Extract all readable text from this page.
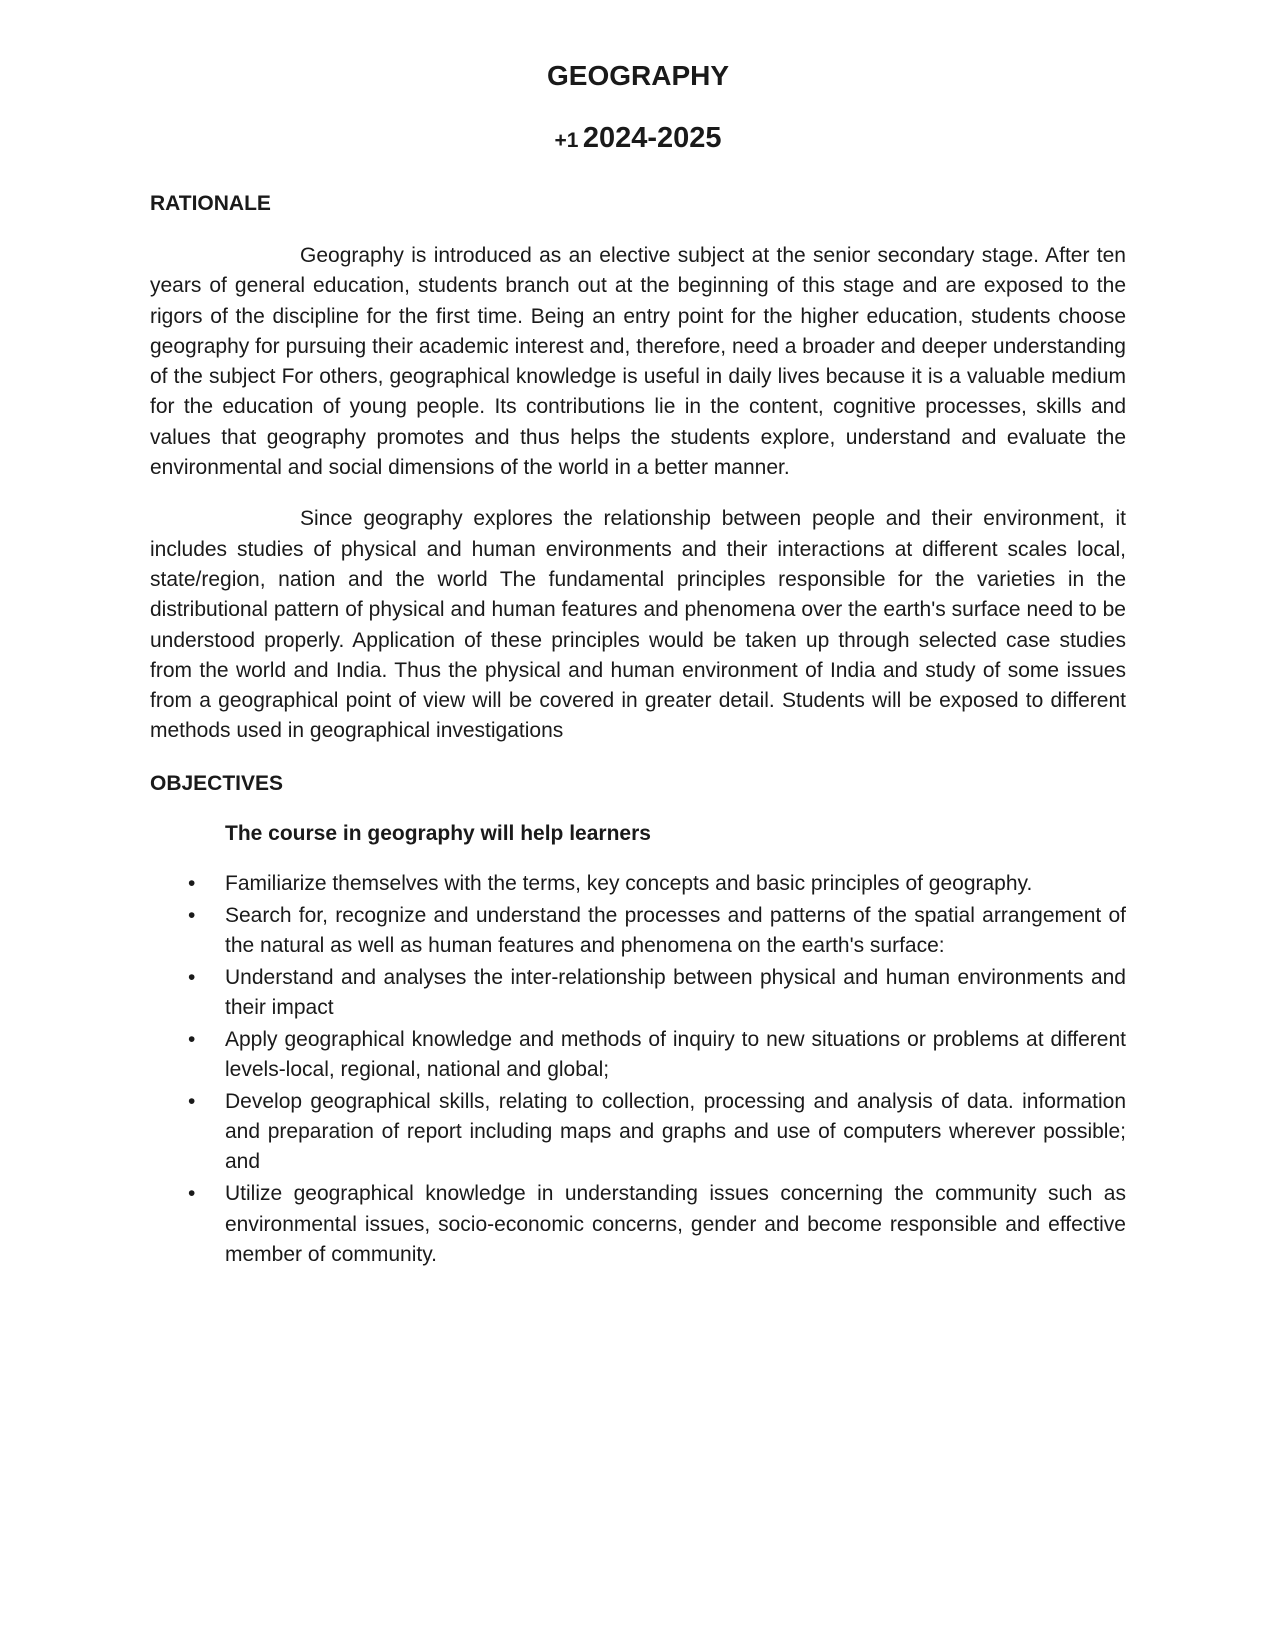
GEOGRAPHY
+1 2024-2025
RATIONALE

Geography is introduced as an elective subject at the senior secondary stage. After ten years of general education, students branch out at the beginning of this stage and are exposed to the rigors of the discipline for the first time. Being an entry point for the higher education, students choose geography for pursuing their academic interest and, therefore, need a broader and deeper understanding of the subject For others, geographical knowledge is useful in daily lives because it is a valuable medium for the education of young people. Its contributions lie in the content, cognitive processes, skills and values that geography promotes and thus helps the students explore, understand and evaluate the environmental and social dimensions of the world in a better manner.

Since geography explores the relationship between people and their environment, it includes studies of physical and human environments and their interactions at different scales local, state/region, nation and the world The fundamental principles responsible for the varieties in the distributional pattern of physical and human features and phenomena over the earth's surface need to be understood properly. Application of these principles would be taken up through selected case studies from the world and India. Thus the physical and human environment of India and study of some issues from a geographical point of view will be covered in greater detail. Students will be exposed to different methods used in geographical investigations

OBJECTIVES

The course in geography will help learners

• Familiarize themselves with the terms, key concepts and basic principles of geography.
• Search for, recognize and understand the processes and patterns of the spatial arrangement of the natural as well as human features and phenomena on the earth's surface:
• Understand and analyses the inter-relationship between physical and human environments and their impact
• Apply geographical knowledge and methods of inquiry to new situations or problems at different levels-local, regional, national and global;
• Develop geographical skills, relating to collection, processing and analysis of data. information and preparation of report including maps and graphs and use of computers wherever possible; and
• Utilize geographical knowledge in understanding issues concerning the community such as environmental issues, socio-economic concerns, gender and become responsible and effective member of community.
